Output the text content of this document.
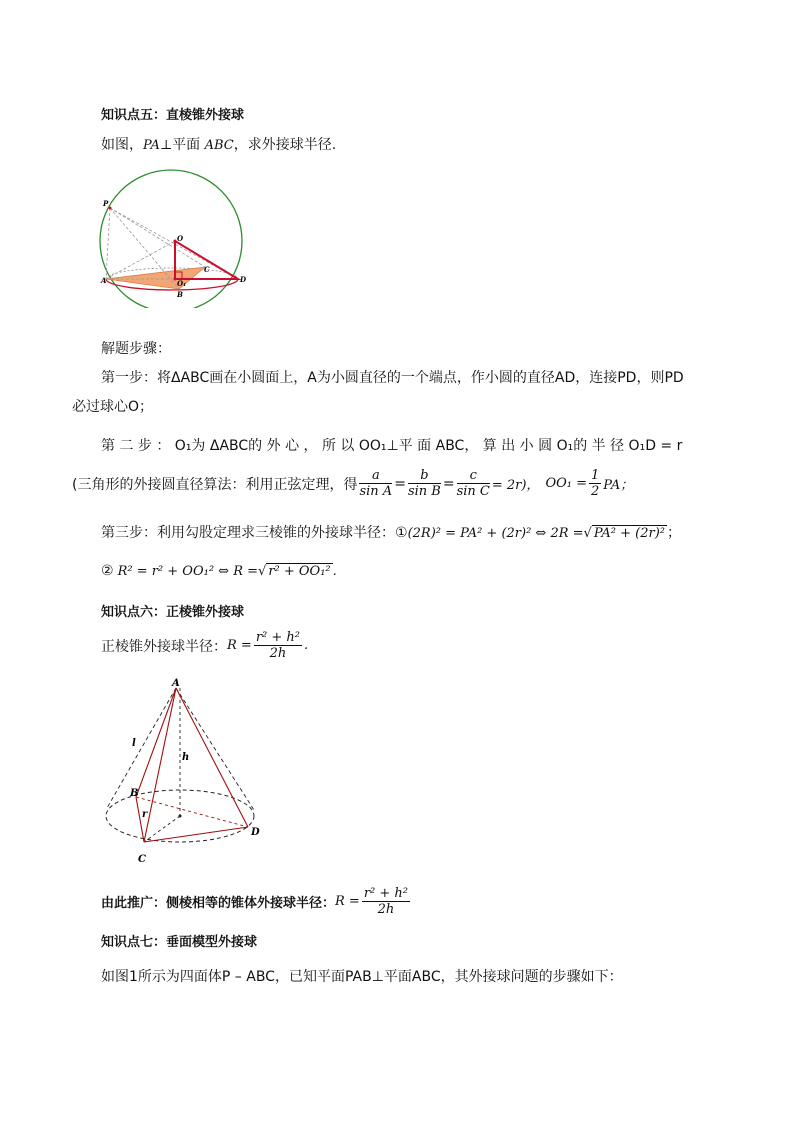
知识点五：直棱锥外接球
如图，PA⊥平面 ABC，求外接球半径.
P
O
C
A	O₁
B
D
解题步骤：
第一步：将ΔABC画在小圆面上，A为小圆直径的一个端点，作小圆的直径AD，连接PD，则PD
必过球心O；
第 二 步 ： O₁为 ΔABC的 外 心 ， 所 以 OO₁⊥平 面 ABC， 算 出 小 圆 O₁的 半 径 O₁D = r
(三角形的外接圆直径算法：利用正弦定理，得 $\frac{a}{\text{sin A}} = \frac{b}{\text{sin B}} = \frac{c}{\text{sin C}} = 2r$)， $OO_1 = \frac{1}{2}$ PA；
第三步：利用勾股定理求三棱锥的外接球半径：①(2R)² = PA² + (2r)² ⇔ 2R =√ PA² + (2r)² ；
② R² = r² + OO₁² ⇔ R =√ r² + OO₁² .
知识点六：正棱锥外接球
正棱锥外接球半径： $R = \frac{\text{r² + h²}}{2h}$ .
A
l
h
B
r
C
D
由此推广：侧棱相等的锥体外接球半径： $R = \frac{\text{r² + h²}}{2h}$
知识点七：垂面模型外接球
如图1所示为四面体P – ABC，已知平面PAB⊥平面ABC，其外接球问题的步骤如下：
